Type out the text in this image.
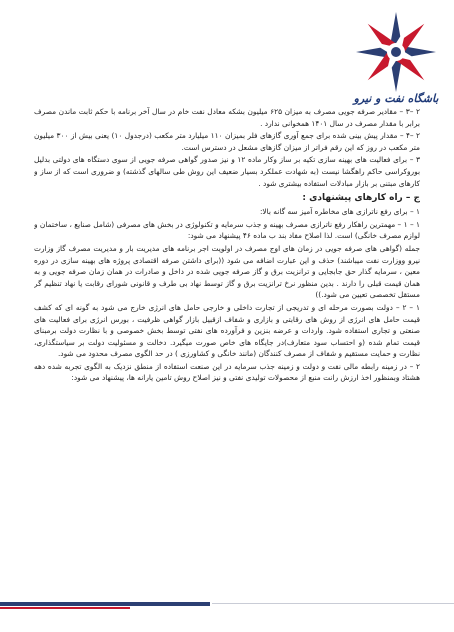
باشگاه نفت و نیرو

۲ –۳ – مقادیر صرفه جویی مصرف به میزان ۶۲۵ میلیون بشکه معادل نفت خام در سال آخر برنامه با حکم ثابت ماندن مصرف برابر با مقدار مصرف در سال ۱۴۰۱ همخوانی ندارد .

۲ –۴ – مقدار پیش بینی شده برای جمع آوری گازهای فلر بمیزان ۱۱۰ میلیارد متر مکعب (درجدول ۱۰) یعنی بیش از ۳۰۰ میلیون متر مکعب در روز که این رقم فراتر از میزان گازهای مشعل در دسترس است.

۳ – برای فعالیت های بهینه سازی تکیه بر ساز وکار ماده ۱۲ و نیز صدور گواهی صرفه جویی از سوی دستگاه های دولتی بدلیل بوروکراسی حاکم راهگشا نیست (به شهادت عملکرد بسیار ضعیف این روش طی سالهای گذشته) و ضروری است که از ساز و کارهای مبتنی بر بازار مبادلات استفاده بیشتری شود .

ج – راه کارهای پیشنهادی :

۱ – برای رفع ناترازی های مخاطره آمیز سه گانه بالا:

۱ – ۱ – مهمترین راهکار رفع ناترازی مصرف بهینه و جذب سرمایه و تکنولوژی در بخش های مصرفی (شامل صنایع ، ساختمان و لوازم مصرف خانگی) است. لذا اصلاح مفاد بند ب ماده ۴۶ پیشنهاد می شود:

جمله (گواهی های صرفه جویی در زمان های اوج مصرف در اولویت اجر برنامه های مدیریت بار و مدیریت مصرف گاز وزارت نیرو ووزارت نفت میباشند) حذف و این عبارت اضافه می شود ((برای داشتن صرفه اقتصادی پروژه های بهینه سازی در دوره معین ، سرمایه گذار حق جابجایی و ترانزیت برق و گاز صرفه جویی شده در داخل و صادرات در همان زمان صرفه جویی و به همان قیمت قبلی را دارند . بدین منظور نرخ ترانزیت برق و گاز توسط نهاد بی طرف و قانونی شورای رقابت یا نهاد تنظیم گر مستقل تخصصی تعیین می شود.))

۱ – ۲ – دولت بصورت مرحله ای و تدریجی از تجارت داخلی و خارجی حامل های انرژی خارج می شود به گونه ای که کشف قیمت حامل های انرژی از روش های رقابتی و بازاری و شفاف ازقبیل بازار گواهی ظرفیت ، بورس انرژی برای فعالیت های صنعتی و تجاری استفاده شود. واردات و عرضه بنزین و فرآورده های نفتی توسط بخش خصوصی و با نظارت دولت برمبنای قیمت تمام شده (و احتساب سود متعارف)در جایگاه های خاص صورت میگیرد. دخالت و مسئولیت دولت بر سیاستگذاری، نظارت و حمایت مستقیم و شفاف از مصرف کنندگان (مانند خانگی و کشاورزی ) در حد الگوی مصرف محدود می شود.

۲ – در زمینه رابطه مالی نفت و دولت و زمینه جذب سرمایه در این صنعت استفاده از منطق نزدیک به الگوی تجربه شده دهه هشتاد وبمنظور اخذ ارزش رانت منبع از محصولات تولیدی نفتی و نیز اصلاح روش تامین یارانه ها، پیشنهاد می شود:
